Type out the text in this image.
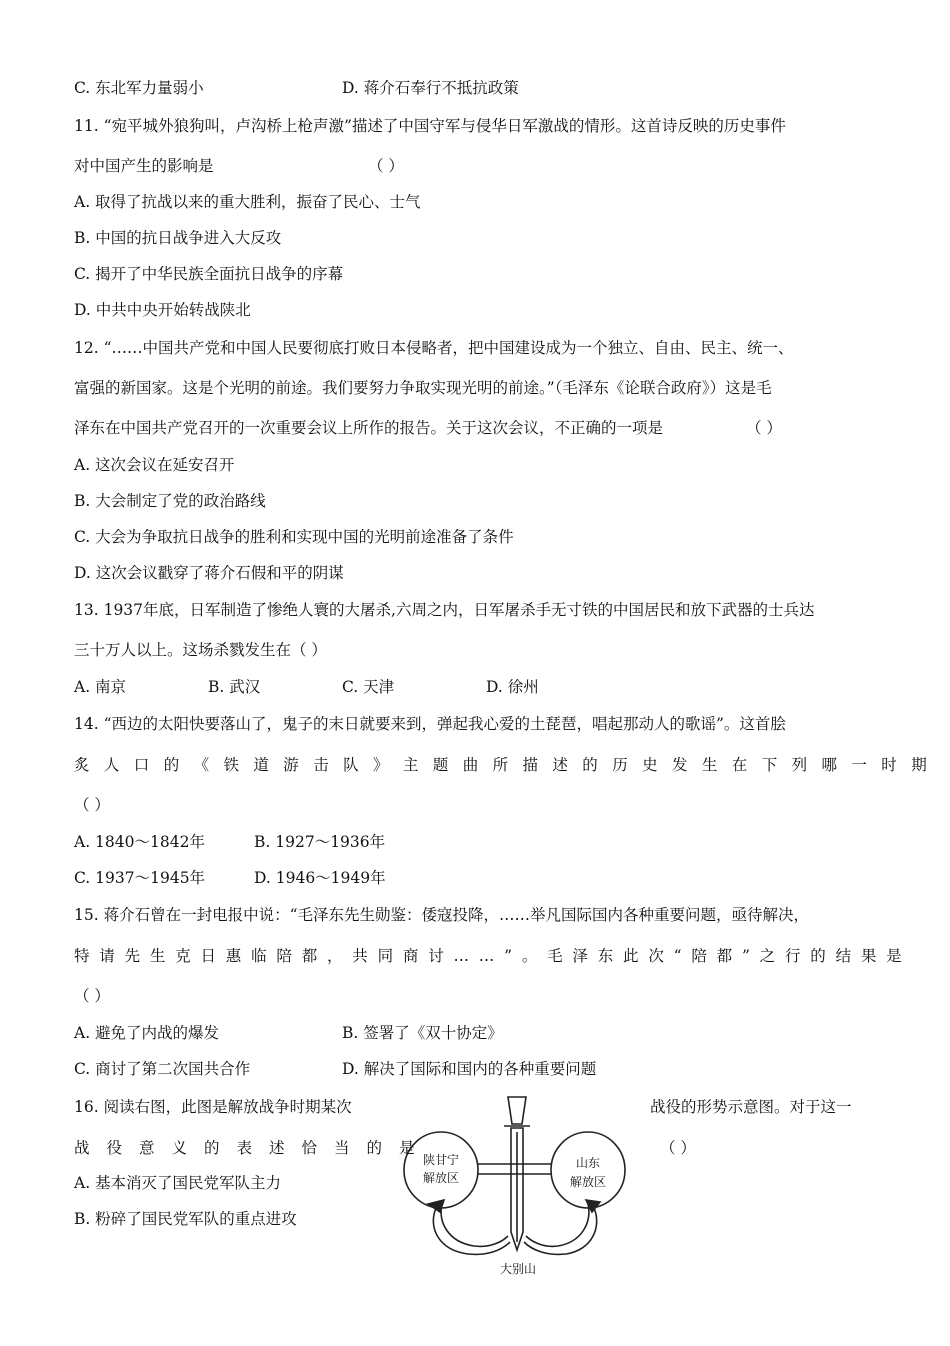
C. 东北军力量弱小	D. 蒋介石奉行不抵抗政策
11. “宛平城外狼狗叫，卢沟桥上枪声激”描述了中国守军与侵华日军激战的情形。这首诗反映的历史事件
对中国产生的影响是	（ ）
A. 取得了抗战以来的重大胜利，振奋了民心、士气
B. 中国的抗日战争进入大反攻
C. 揭开了中华民族全面抗日战争的序幕
D. 中共中央开始转战陕北
12. “……中国共产党和中国人民要彻底打败日本侵略者，把中国建设成为一个独立、自由、民主、统一、
富强的新国家。这是个光明的前途。我们要努力争取实现光明的前途。”（毛泽东《论联合政府》）这是毛
泽东在中国共产党召开的一次重要会议上所作的报告。关于这次会议，不正确的一项是	（ ）
A. 这次会议在延安召开
B. 大会制定了党的政治路线
C. 大会为争取抗日战争的胜利和实现中国的光明前途准备了条件
D. 这次会议戳穿了蒋介石假和平的阴谋
13. 1937年底，日军制造了惨绝人寰的大屠杀,六周之内，日军屠杀手无寸铁的中国居民和放下武器的士兵达
三十万人以上。这场杀戮发生在（ ）
A. 南京	B. 武汉	C. 天津	D. 徐州
14. “西边的太阳快要落山了，鬼子的末日就要来到，弹起我心爱的土琵琶，唱起那动人的歌谣”。这首脍
炙人口的《铁道游击队》主题曲所描述的历史发生在下列哪一时期
（ ）
A. 1840～1842年	B. 1927～1936年
C. 1937～1945年	D. 1946～1949年
15. 蒋介石曾在一封电报中说：“毛泽东先生勋鉴：倭寇投降，……举凡国际国内各种重要问题，亟待解决，
特请先生克日惠临陪都，共同商讨……”。毛泽东此次“陪都”之行的结果是
（ ）
A. 避免了内战的爆发	B. 签署了《双十协定》
C. 商讨了第二次国共合作	D. 解决了国际和国内的各种重要问题
16. 阅读右图，此图是解放战争时期某次	战役的形势示意图。对于这一
战役意义的表述恰当的是	（ ）
A. 基本消灭了国民党军队主力
B. 粉碎了国民党军队的重点进攻
陕甘宁
解放区
山东
解放区
大别山
